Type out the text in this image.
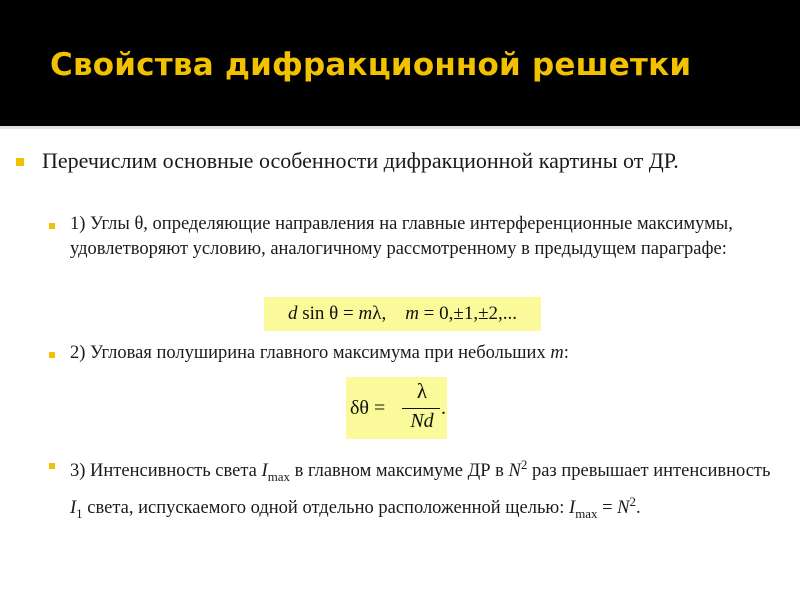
Свойства дифракционной решетки
Перечислим основные особенности дифракционной картины от ДР.
1) Углы θ, определяющие направления на главные интерференционные максимумы, удовлетворяют условию, аналогичному рассмотренному в предыдущем параграфе:
d sin θ = mλ,    m = 0,±1,±2,...
2) Угловая полуширина главного максимума при небольших m:
δθ =
λ
Nd
.
3) Интенсивность света $I_{max}$ в главном максимуме ДР в $N^2$ раз превышает интенсивность $I_1$ света, испускаемого одной отдельно расположенной щелью: $I_{max} = N^2$.
